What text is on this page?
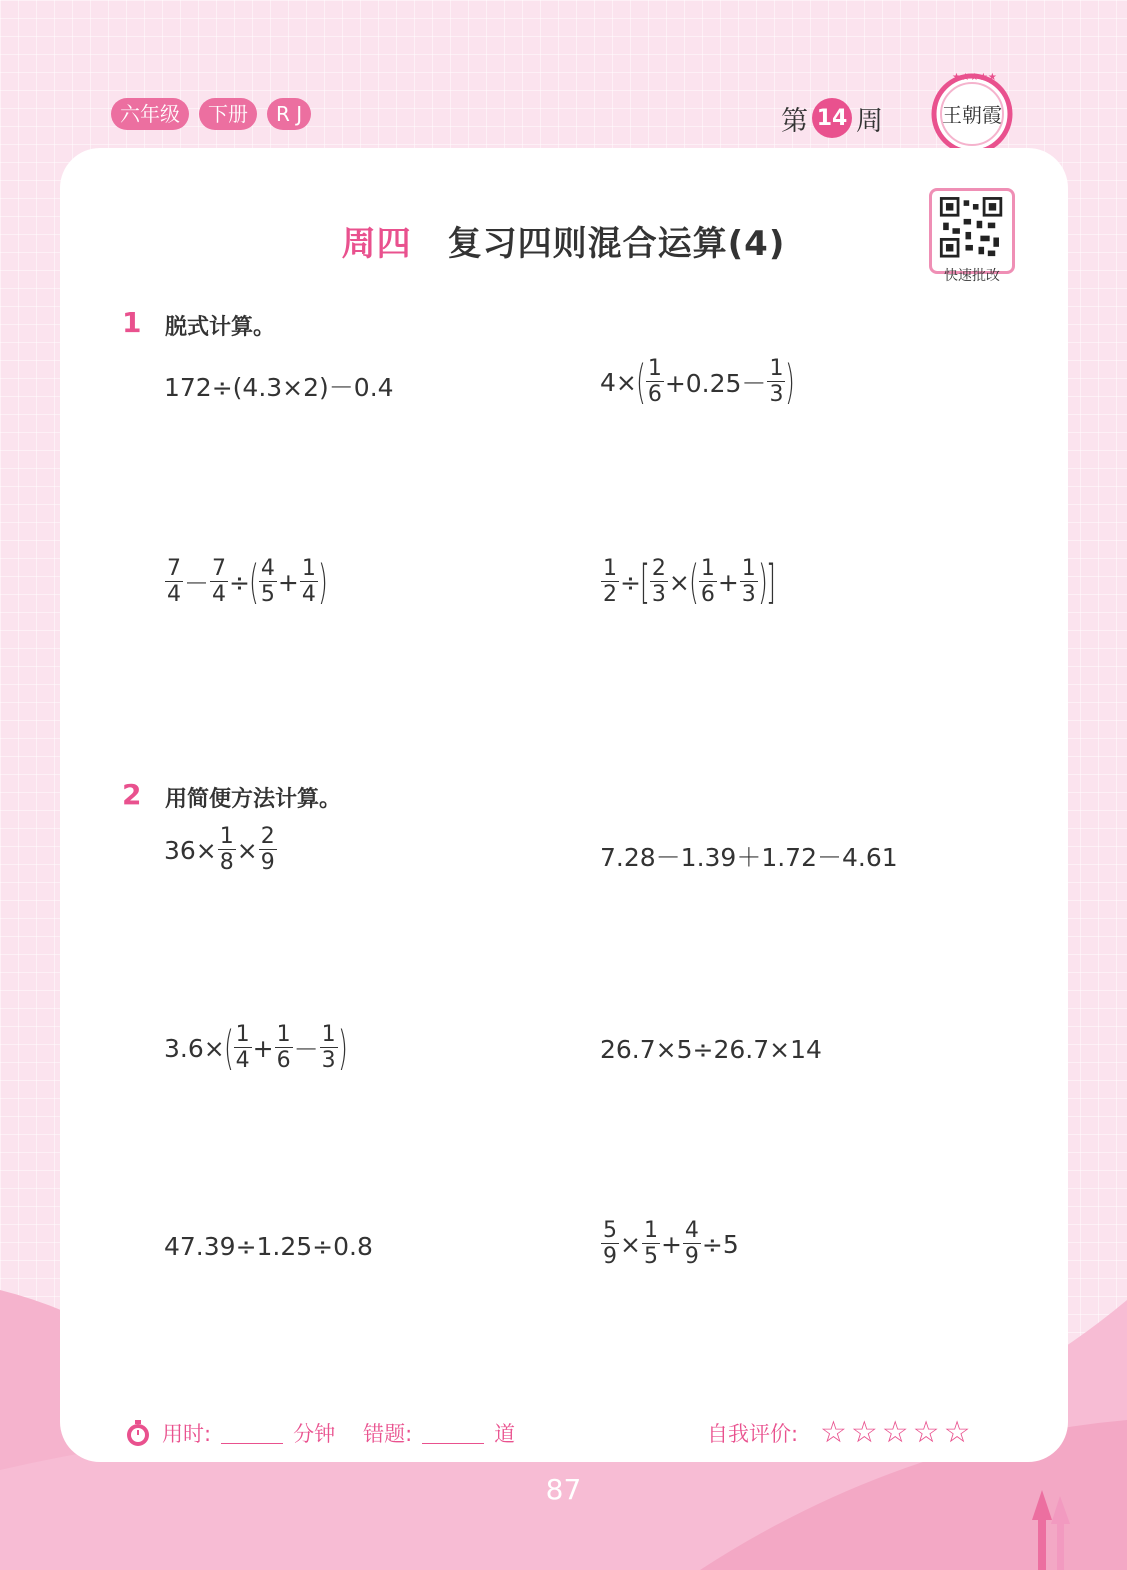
六年级	下册	R J	第 14 周	王朝霞
★★★★★
周四 复习四则混合运算(4)
快速批改
1 脱式计算。
172÷(4.3×2)－0.4	4× ( $\frac{1}{6} +0.25- \frac{1}{3}$ )
$\frac{7}{4} - \frac{7}{4}$ ÷ ( $\frac{4}{5} + \frac{1}{4}$ )	$\frac{1}{2}$ ÷ [ $\frac{2}{3}$ × ( $\frac{1}{6} + \frac{1}{3}$ )
]
2 用简便方法计算。
$36\times \frac{1}{8} \times \frac{2}{9}$	7.28－1.39＋1.72－4.61
3.6× ( $\frac{1}{4} + \frac{1}{6} - \frac{1}{3}$ )	26.7×5÷26.7×14
47.39÷1.25÷0.8	$\frac{5}{9} \times \frac{1}{5} + \frac{4}{9} \div 5$
用时:	分钟 错题:	道	自我评价: ☆☆☆☆☆
87
